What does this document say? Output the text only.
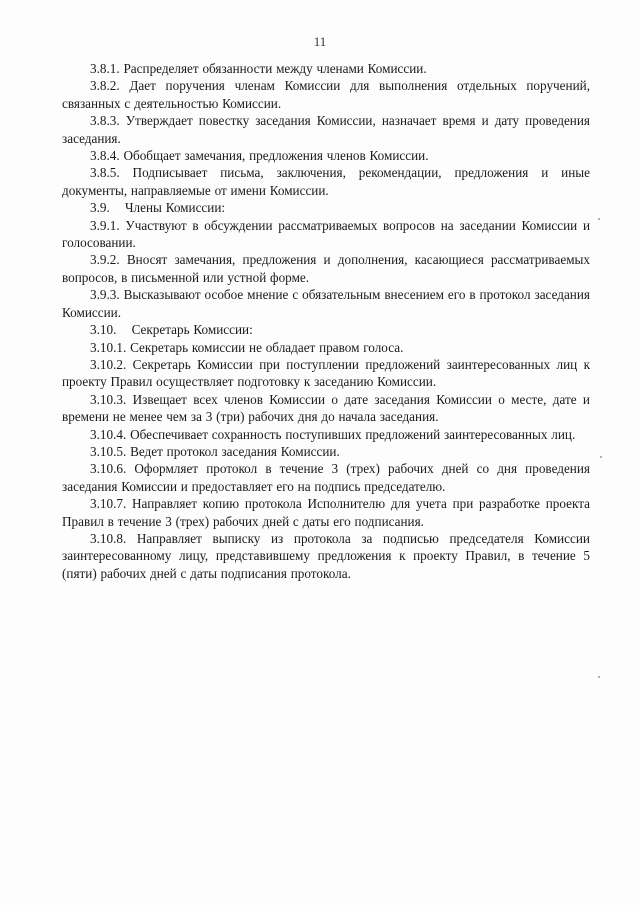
11

3.8.1. Распределяет обязанности между членами Комиссии.

3.8.2. Дает поручения членам Комиссии для выполнения отдельных поручений, связанных с деятельностью Комиссии.

3.8.3. Утверждает повестку заседания Комиссии, назначает время и дату проведения заседания.

3.8.4. Обобщает замечания, предложения членов Комиссии.

3.8.5. Подписывает письма, заключения, рекомендации, предложения и иные документы, направляемые от имени Комиссии.

3.9.    Члены Комиссии:

3.9.1. Участвуют в обсуждении рассматриваемых вопросов на заседании Комиссии и голосовании.

3.9.2. Вносят замечания, предложения и дополнения, касающиеся рассматриваемых вопросов, в письменной или устной форме.

3.9.3. Высказывают особое мнение с обязательным внесением его в протокол заседания Комиссии.

3.10.    Секретарь Комиссии:

3.10.1. Секретарь комиссии не обладает правом голоса.

3.10.2. Секретарь Комиссии при поступлении предложений заинтересованных лиц к проекту Правил осуществляет подготовку к заседанию Комиссии.

3.10.3. Извещает всех членов Комиссии о дате заседания Комиссии о месте, дате и времени не менее чем за 3 (три) рабочих дня до начала заседания.

3.10.4. Обеспечивает сохранность поступивших предложений заинтересованных лиц.

3.10.5. Ведет протокол заседания Комиссии.

3.10.6. Оформляет протокол в течение 3 (трех) рабочих дней со дня проведения заседания Комиссии и предоставляет его на подпись председателю.

3.10.7. Направляет копию протокола Исполнителю для учета при разработке проекта Правил в течение 3 (трех) рабочих дней с даты его подписания.

3.10.8. Направляет выписку из протокола за подписью председателя Комиссии заинтересованному лицу, представившему предложения к проекту Правил, в течение 5 (пяти) рабочих дней с даты подписания протокола.
